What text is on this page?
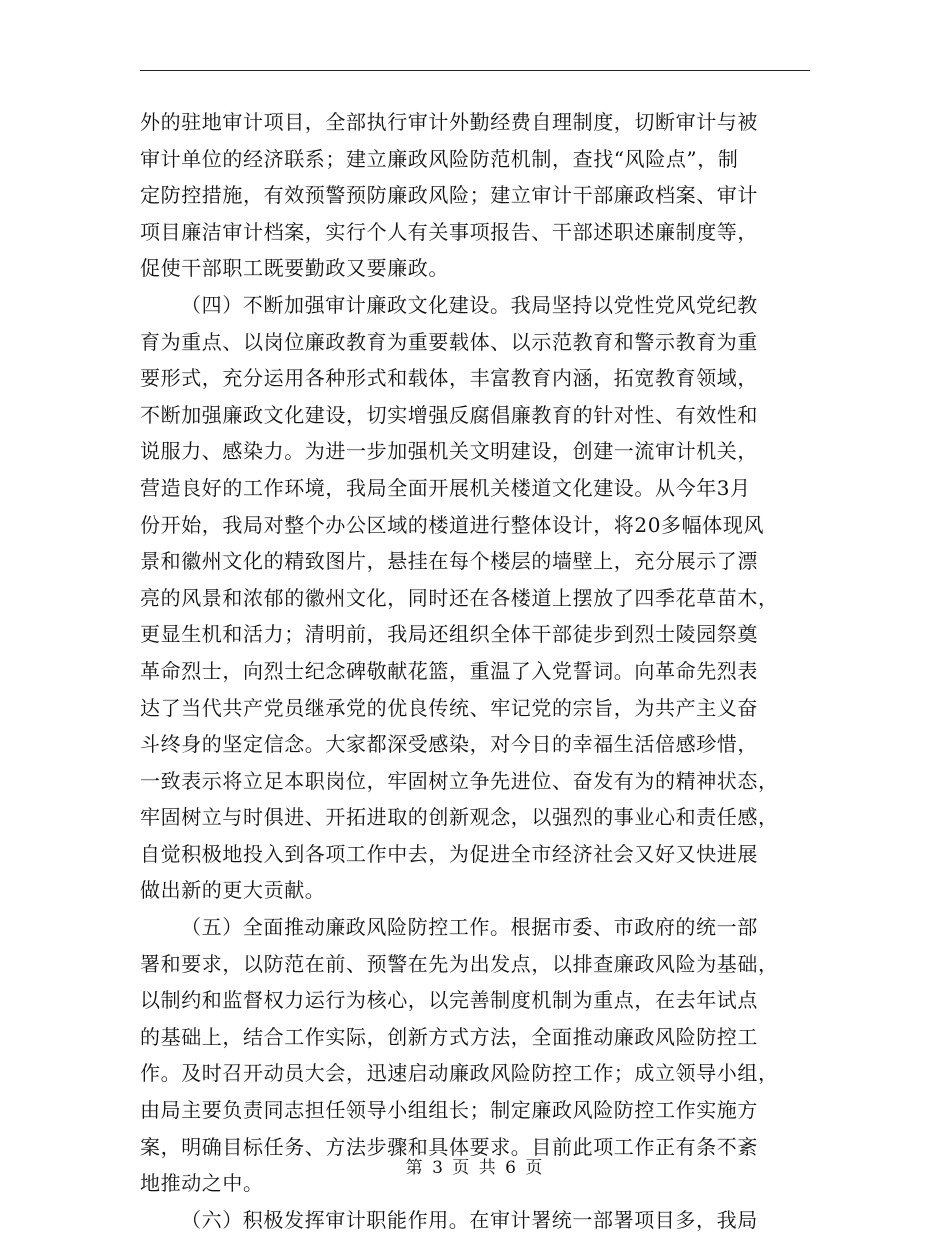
外的驻地审计项目，全部执行审计外勤经费自理制度，切断审计与被
审计单位的经济联系；建立廉政风险防范机制，查找“风险点”，制
定防控措施，有效预警预防廉政风险；建立审计干部廉政档案、审计
项目廉洁审计档案，实行个人有关事项报告、干部述职述廉制度等，
促使干部职工既要勤政又要廉政。
（四）不断加强审计廉政文化建设。我局坚持以党性党风党纪教
育为重点、以岗位廉政教育为重要载体、以示范教育和警示教育为重
要形式，充分运用各种形式和载体，丰富教育内涵，拓宽教育领域，
不断加强廉政文化建设，切实增强反腐倡廉教育的针对性、有效性和
说服力、感染力。为进一步加强机关文明建设，创建一流审计机关，
营造良好的工作环境，我局全面开展机关楼道文化建设。从今年3月
份开始，我局对整个办公区域的楼道进行整体设计，将20多幅体现风
景和徽州文化的精致图片，悬挂在每个楼层的墙壁上，充分展示了漂
亮的风景和浓郁的徽州文化，同时还在各楼道上摆放了四季花草苗木，
更显生机和活力；清明前，我局还组织全体干部徒步到烈士陵园祭奠
革命烈士，向烈士纪念碑敬献花篮，重温了入党誓词。向革命先烈表
达了当代共产党员继承党的优良传统、牢记党的宗旨，为共产主义奋
斗终身的坚定信念。大家都深受感染，对今日的幸福生活倍感珍惜，
一致表示将立足本职岗位，牢固树立争先进位、奋发有为的精神状态，
牢固树立与时俱进、开拓进取的创新观念，以强烈的事业心和责任感，
自觉积极地投入到各项工作中去，为促进全市经济社会又好又快进展
做出新的更大贡献。
（五）全面推动廉政风险防控工作。根据市委、市政府的统一部
署和要求，以防范在前、预警在先为出发点，以排查廉政风险为基础，
以制约和监督权力运行为核心，以完善制度机制为重点，在去年试点
的基础上，结合工作实际，创新方式方法，全面推动廉政风险防控工
作。及时召开动员大会，迅速启动廉政风险防控工作；成立领导小组，
由局主要负责同志担任领导小组组长；制定廉政风险防控工作实施方
案，明确目标任务、方法步骤和具体要求。目前此项工作正有条不紊
地推动之中。
（六）积极发挥审计职能作用。在审计署统一部署项目多，我局
第 3 页 共 6 页
